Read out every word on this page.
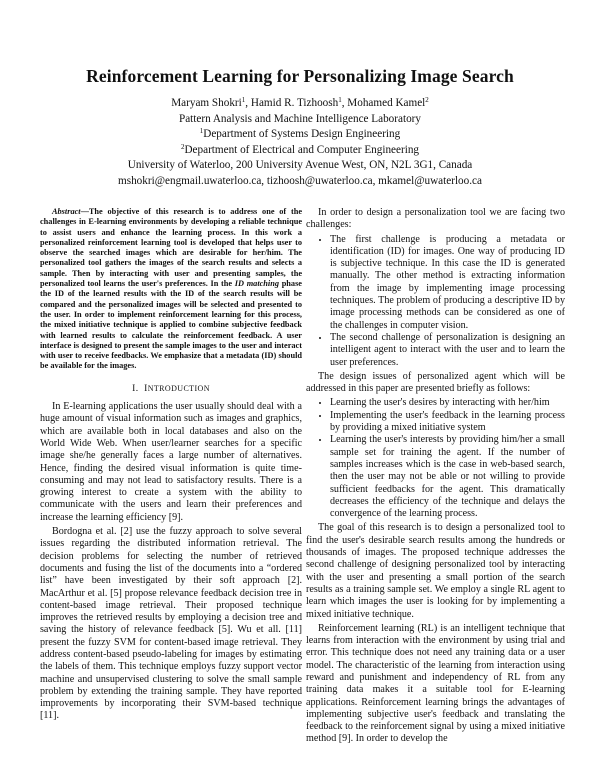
Reinforcement Learning for Personalizing Image Search
Maryam Shokri$^1$, Hamid R. Tizhoosh$^1$, Mohamed Kamel$^2$
Pattern Analysis and Machine Intelligence Laboratory
$^1$Department of Systems Design Engineering
$^2$Department of Electrical and Computer Engineering
University of Waterloo, 200 University Avenue West, ON, N2L 3G1, Canada
mshokri@engmail.uwaterloo.ca, tizhoosh@uwaterloo.ca, mkamel@uwaterloo.ca

Abstract—The objective of this research is to address one of the challenges in E-learning environments by developing a reliable technique to assist users and enhance the learning process. In this work a personalized reinforcement learning tool is developed that helps user to observe the searched images which are desirable for her/him. The personalized tool gathers the images of the search results and selects a sample. Then by interacting with user and presenting samples, the personalized tool learns the user's preferences. In the ID matching phase the ID of the learned results with the ID of the search results will be compared and the personalized images will be selected and presented to the user. In order to implement reinforcement learning for this process, the mixed initiative technique is applied to combine subjective feedback with learned results to calculate the reinforcement feedback. A user interface is designed to present the sample images to the user and interact with user to receive feedbacks. We emphasize that a metadata (ID) should be available for the images.

I. INTRODUCTION

In E-learning applications the user usually should deal with a huge amount of visual information such as images and graphics, which are available both in local databases and also on the World Wide Web. When user/learner searches for a specific image she/he generally faces a large number of alternatives. Hence, finding the desired visual information is quite time-consuming and may not lead to satisfactory results. There is a growing interest to create a system with the ability to communicate with the users and learn their preferences and increase the learning efficiency [9].

Bordogna et al. [2] use the fuzzy approach to solve several issues regarding the distributed information retrieval. The decision problems for selecting the number of retrieved documents and fusing the list of the documents into a “ordered list” have been investigated by their soft approach [2]. MacArthur et al. [5] propose relevance feedback decision tree in content-based image retrieval. Their proposed technique improves the retrieved results by employing a decision tree and saving the history of relevance feedback [5]. Wu et all. [11] present the fuzzy SVM for content-based image retrieval. They address content-based pseudo-labeling for images by estimating the labels of them. This technique employs fuzzy support vector machine and unsupervised clustering to solve the small sample problem by extending the training sample. They have reported improvements by incorporating their SVM-based technique [11].

In order to design a personalization tool we are facing two challenges:

• The first challenge is producing a metadata or identification (ID) for images. One way of producing ID is subjective technique. In this case the ID is generated manually. The other method is extracting information from the image by implementing image processing techniques. The problem of producing a descriptive ID by image processing methods can be considered as one of the challenges in computer vision.
• The second challenge of personalization is designing an intelligent agent to interact with the user and to learn the user preferences.

The design issues of personalized agent which will be addressed in this paper are presented briefly as follows:

• Learning the user's desires by interacting with her/him
• Implementing the user's feedback in the learning process by providing a mixed initiative system
• Learning the user's interests by providing him/her a small sample set for training the agent. If the number of samples increases which is the case in web-based search, then the user may not be able or not willing to provide sufficient feedbacks for the agent. This dramatically decreases the efficiency of the technique and delays the convergence of the learning process.

The goal of this research is to design a personalized tool to find the user's desirable search results among the hundreds or thousands of images. The proposed technique addresses the second challenge of designing personalized tool by interacting with the user and presenting a small portion of the search results as a training sample set. We employ a single RL agent to learn which images the user is looking for by implementing a mixed initiative technique.

Reinforcement learning (RL) is an intelligent technique that learns from interaction with the environment by using trial and error. This technique does not need any training data or a user model. The characteristic of the learning from interaction using reward and punishment and independency of RL from any training data makes it a suitable tool for E-learning applications. Reinforcement learning brings the advantages of implementing subjective user's feedback and translating the feedback to the reinforcement signal by using a mixed initiative method [9]. In order to develop the
